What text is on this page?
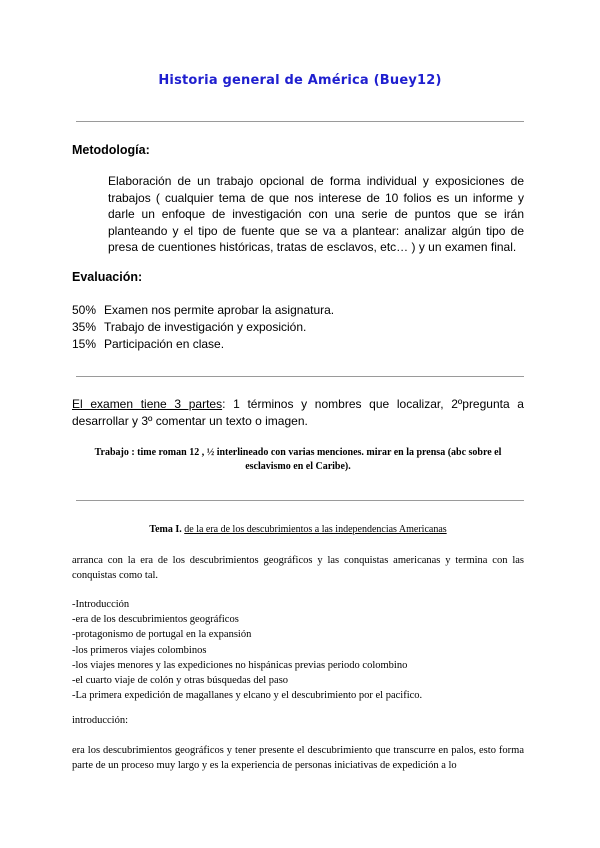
Historia general de América (Buey12)
Metodología:
Elaboración de un trabajo opcional de forma individual y exposiciones de trabajos ( cualquier tema de que nos interese de 10 folios es un informe y darle un enfoque de investigación con una serie de puntos que se irán planteando y el tipo de fuente que se va a plantear: analizar algún tipo de presa de cuentiones históricas, tratas de esclavos, etc… ) y un examen final.
Evaluación:
50% Examen nos permite aprobar la asignatura.
35% Trabajo de investigación y exposición.
15% Participación en clase.
El examen tiene 3 partes: 1 términos y nombres que localizar, 2ºpregunta a desarrollar y 3º comentar un texto o imagen.
Trabajo : time roman 12 , ½ interlineado con varias menciones. mirar en la prensa (abc sobre el esclavismo en el Caribe).
Tema I. de la era de los descubrimientos a las independencias Americanas
arranca con la era de los descubrimientos geográficos y las conquistas americanas y termina con las conquistas como tal.
-Introducción
-era de los descubrimientos geográficos
-protagonismo de portugal en la expansión
-los primeros viajes colombinos
-los viajes menores y las expediciones no hispánicas previas periodo colombino
-el cuarto viaje de colón y otras búsquedas del paso
-La primera expedición de magallanes y elcano y el descubrimiento por el pacifico.
introducción:
era los descubrimientos geográficos y tener presente el descubrimiento que transcurre en palos, esto forma parte de un proceso muy largo y es la experiencia de personas iniciativas de expedición a lo
